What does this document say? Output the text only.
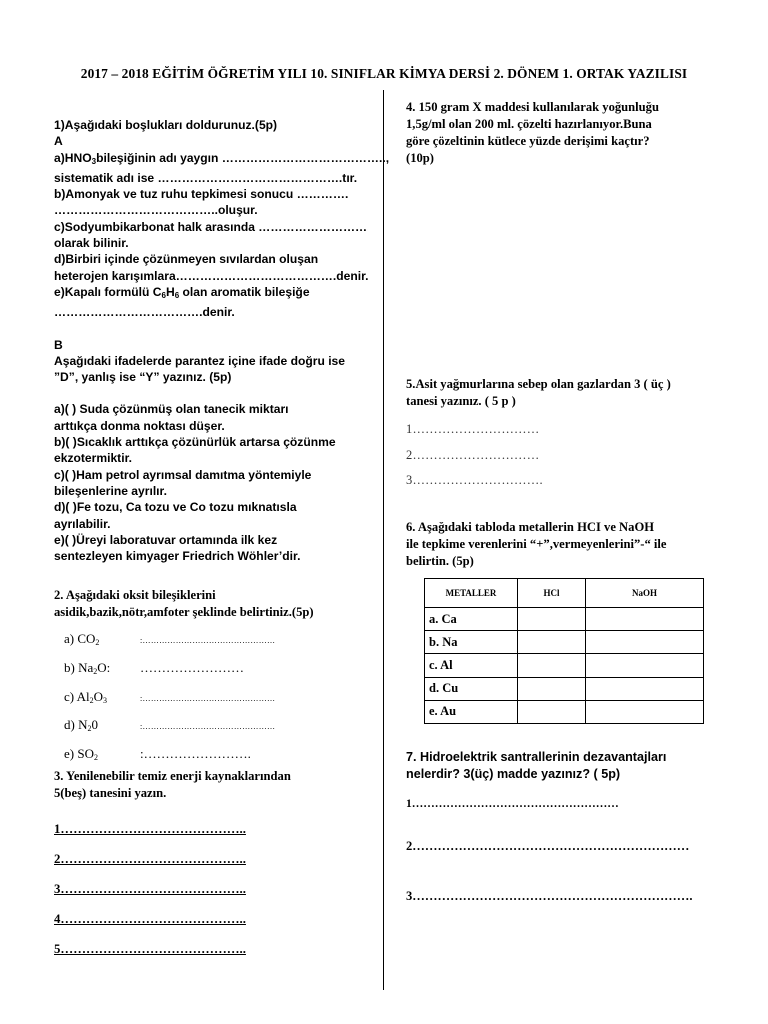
2017 – 2018 EĞİTİM ÖĞRETİM YILI 10. SINIFLAR KİMYA DERSİ 2. DÖNEM 1. ORTAK YAZILISI
1)Aşağıdaki boşlukları doldurunuz.(5p)
A
$a)HNO_3bileşiğinin$ adı yaygın …………………………………..,
sistematik adı ise ……………………………………….tır.
b)Amonyak ve tuz ruhu tepkimesi sonucu ………….
…………………………………..oluşur.
c)Sodyumbikarbonat halk arasında ………………………
olarak bilinir.
d)Birbiri içinde çözünmeyen sıvılardan oluşan
heterojen karışımlara………………………………….denir.
e)Kapalı formülü $C_6H_6$ olan aromatik bileşiğe
……………………………….denir.
B
Aşağıdaki ifadelerde parantez içine ifade doğru ise
”D”, yanlış ise “Y” yazınız. (5p)
a)( ) Suda çözünmüş olan tanecik miktarı
arttıkça donma noktası düşer.
b)( )Sıcaklık arttıkça çözünürlük artarsa çözünme
ekzotermiktir.
c)( )Ham petrol ayrımsal damıtma yöntemiyle
bileşenlerine ayrılır.
d)( )Fe tozu, Ca tozu ve Co tozu mıknatısla
ayrılabilir.
e)( )Üreyi laboratuvar ortamında ilk kez
sentezleyen kimyager Friedrich Wöhler’dir.
2. Aşağıdaki oksit bileşiklerini
asidik,bazik,nötr,amfoter şeklinde belirtiniz.(5p)
a) $CO_2$	:…………………………………………
b) $Na_2O$: ……………………
c) $Al_2O_3$	:…………………………………………
d) $N_20$	:…………………………………………
e) $SO_2$	:…………………….
3. Yenilenebilir temiz enerji kaynaklarından
5(beş) tanesini yazın.
1……………………………………..
2……………………………………..
3……………………………………..
4……………………………………..
5……………………………………..
4. 150 gram X maddesi kullanılarak yoğunluğu
1,5g/ml olan 200 ml. çözelti hazırlanıyor.Buna
göre çözeltinin kütlece yüzde derişimi kaçtır?
(10p)
5.Asit yağmurlarına sebep olan gazlardan 3 ( üç )
tanesi yazınız. ( 5 p )
1…………………………
2…………………………
3………………………….
6. Aşağıdaki tabloda metallerin HCI ve NaOH
ile tepkime verenlerini “+”,vermeyenlerini”-“ ile
belirtin. (5p)
7. Hidroelektrik santrallerinin dezavantajları
nelerdir? 3(üç) madde yazınız? ( 5p)
1………………………………………………
2…………………………………………………………
3………………………………………………………….
METALLER	HCl	NaOH
a. Ca		
b. Na		
c. Al		
d. Cu		
e. Au		
